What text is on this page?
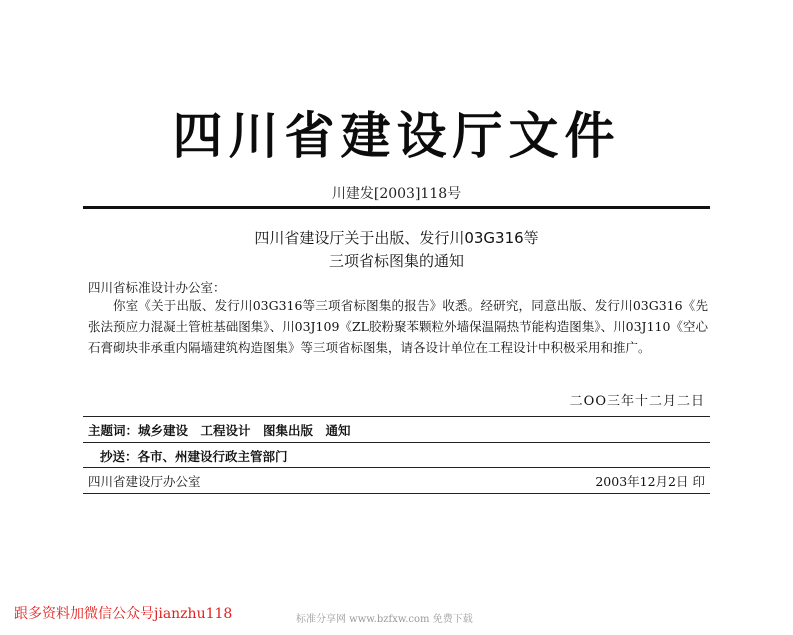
四川省建设厅文件
川建发[2003]118号
四川省建设厅关于出版、发行川03G316等
三项省标图集的通知
四川省标准设计办公室：
你室《关于出版、发行川03G316等三项省标图集的报告》收悉。经研究，同意出版、发行川03G316《先张法预应力混凝土管桩基础图集》、川03J109《ZL胶粉聚苯颗粒外墙保温隔热节能构造图集》、川03J110《空心石膏砌块非承重内隔墙建筑构造图集》等三项省标图集，请各设计单位在工程设计中积极采用和推广。
二OO三年十二月二日
主题词：城乡建设　工程设计　图集出版　通知
抄送：各市、州建设行政主管部门
四川省建设厅办公室	2003年12月2日 印
跟多资料加微信公众号jianzhu118	标准分享网 www.bzfxw.com 免费下载
